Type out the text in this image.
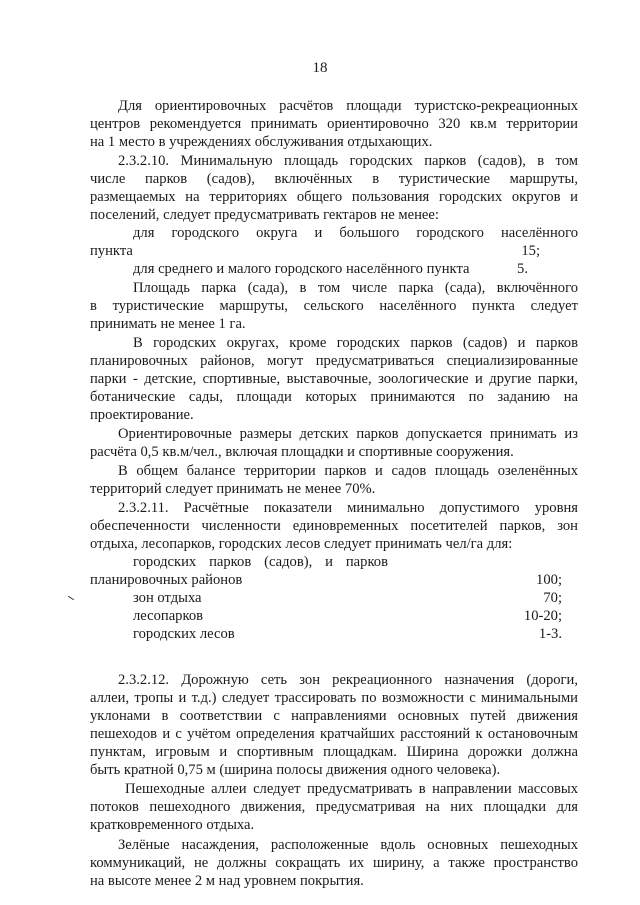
18
Для ориентировочных расчётов площади туристско-рекреационных
центров рекомендуется принимать ориентировочно 320 кв.м территории
на 1 место в учреждениях обслуживания отдыхающих.
2.3.2.10. Минимальную площадь городских парков (садов), в том
числе парков (садов), включённых в туристические маршруты,
размещаемых на территориях общего пользования городских округов и
поселений, следует предусматривать гектаров не менее:
для городского округа и большого городского населённого
пункта	15;
для среднего и малого городского населённого пункта	5.
Площадь парка (сада), в том числе парка (сада), включённого
в туристические маршруты, сельского населённого пункта следует
принимать не менее 1 га.
В городских округах, кроме городских парков (садов) и парков
планировочных районов, могут предусматриваться специализированные
парки - детские, спортивные, выставочные, зоологические и другие парки,
ботанические сады, площади которых принимаются по заданию на
проектирование.
Ориентировочные размеры детских парков допускается принимать из
расчёта 0,5 кв.м/чел., включая площадки и спортивные сооружения.
В общем балансе территории парков и садов площадь озеленённых
территорий следует принимать не менее 70%.
2.3.2.11. Расчётные показатели минимально допустимого уровня
обеспеченности численности единовременных посетителей парков, зон
отдыха, лесопарков, городских лесов следует принимать чел/га для:
городских парков (садов), и парков
планировочных районов	100;
зон отдыха	70;
лесопарков	10-20;
городских лесов	1-3.
2.3.2.12. Дорожную сеть зон рекреационного назначения (дороги,
аллеи, тропы и т.д.) следует трассировать по возможности с минимальными
уклонами в соответствии с направлениями основных путей движения
пешеходов и с учётом определения кратчайших расстояний к остановочным
пунктам, игровым и спортивным площадкам. Ширина дорожки должна
быть кратной 0,75 м (ширина полосы движения одного человека).
Пешеходные аллеи следует предусматривать в направлении массовых
потоков пешеходного движения, предусматривая на них площадки для
кратковременного отдыха.
Зелёные насаждения, расположенные вдоль основных пешеходных
коммуникаций, не должны сокращать их ширину, а также пространство
на высоте менее 2 м над уровнем покрытия.
